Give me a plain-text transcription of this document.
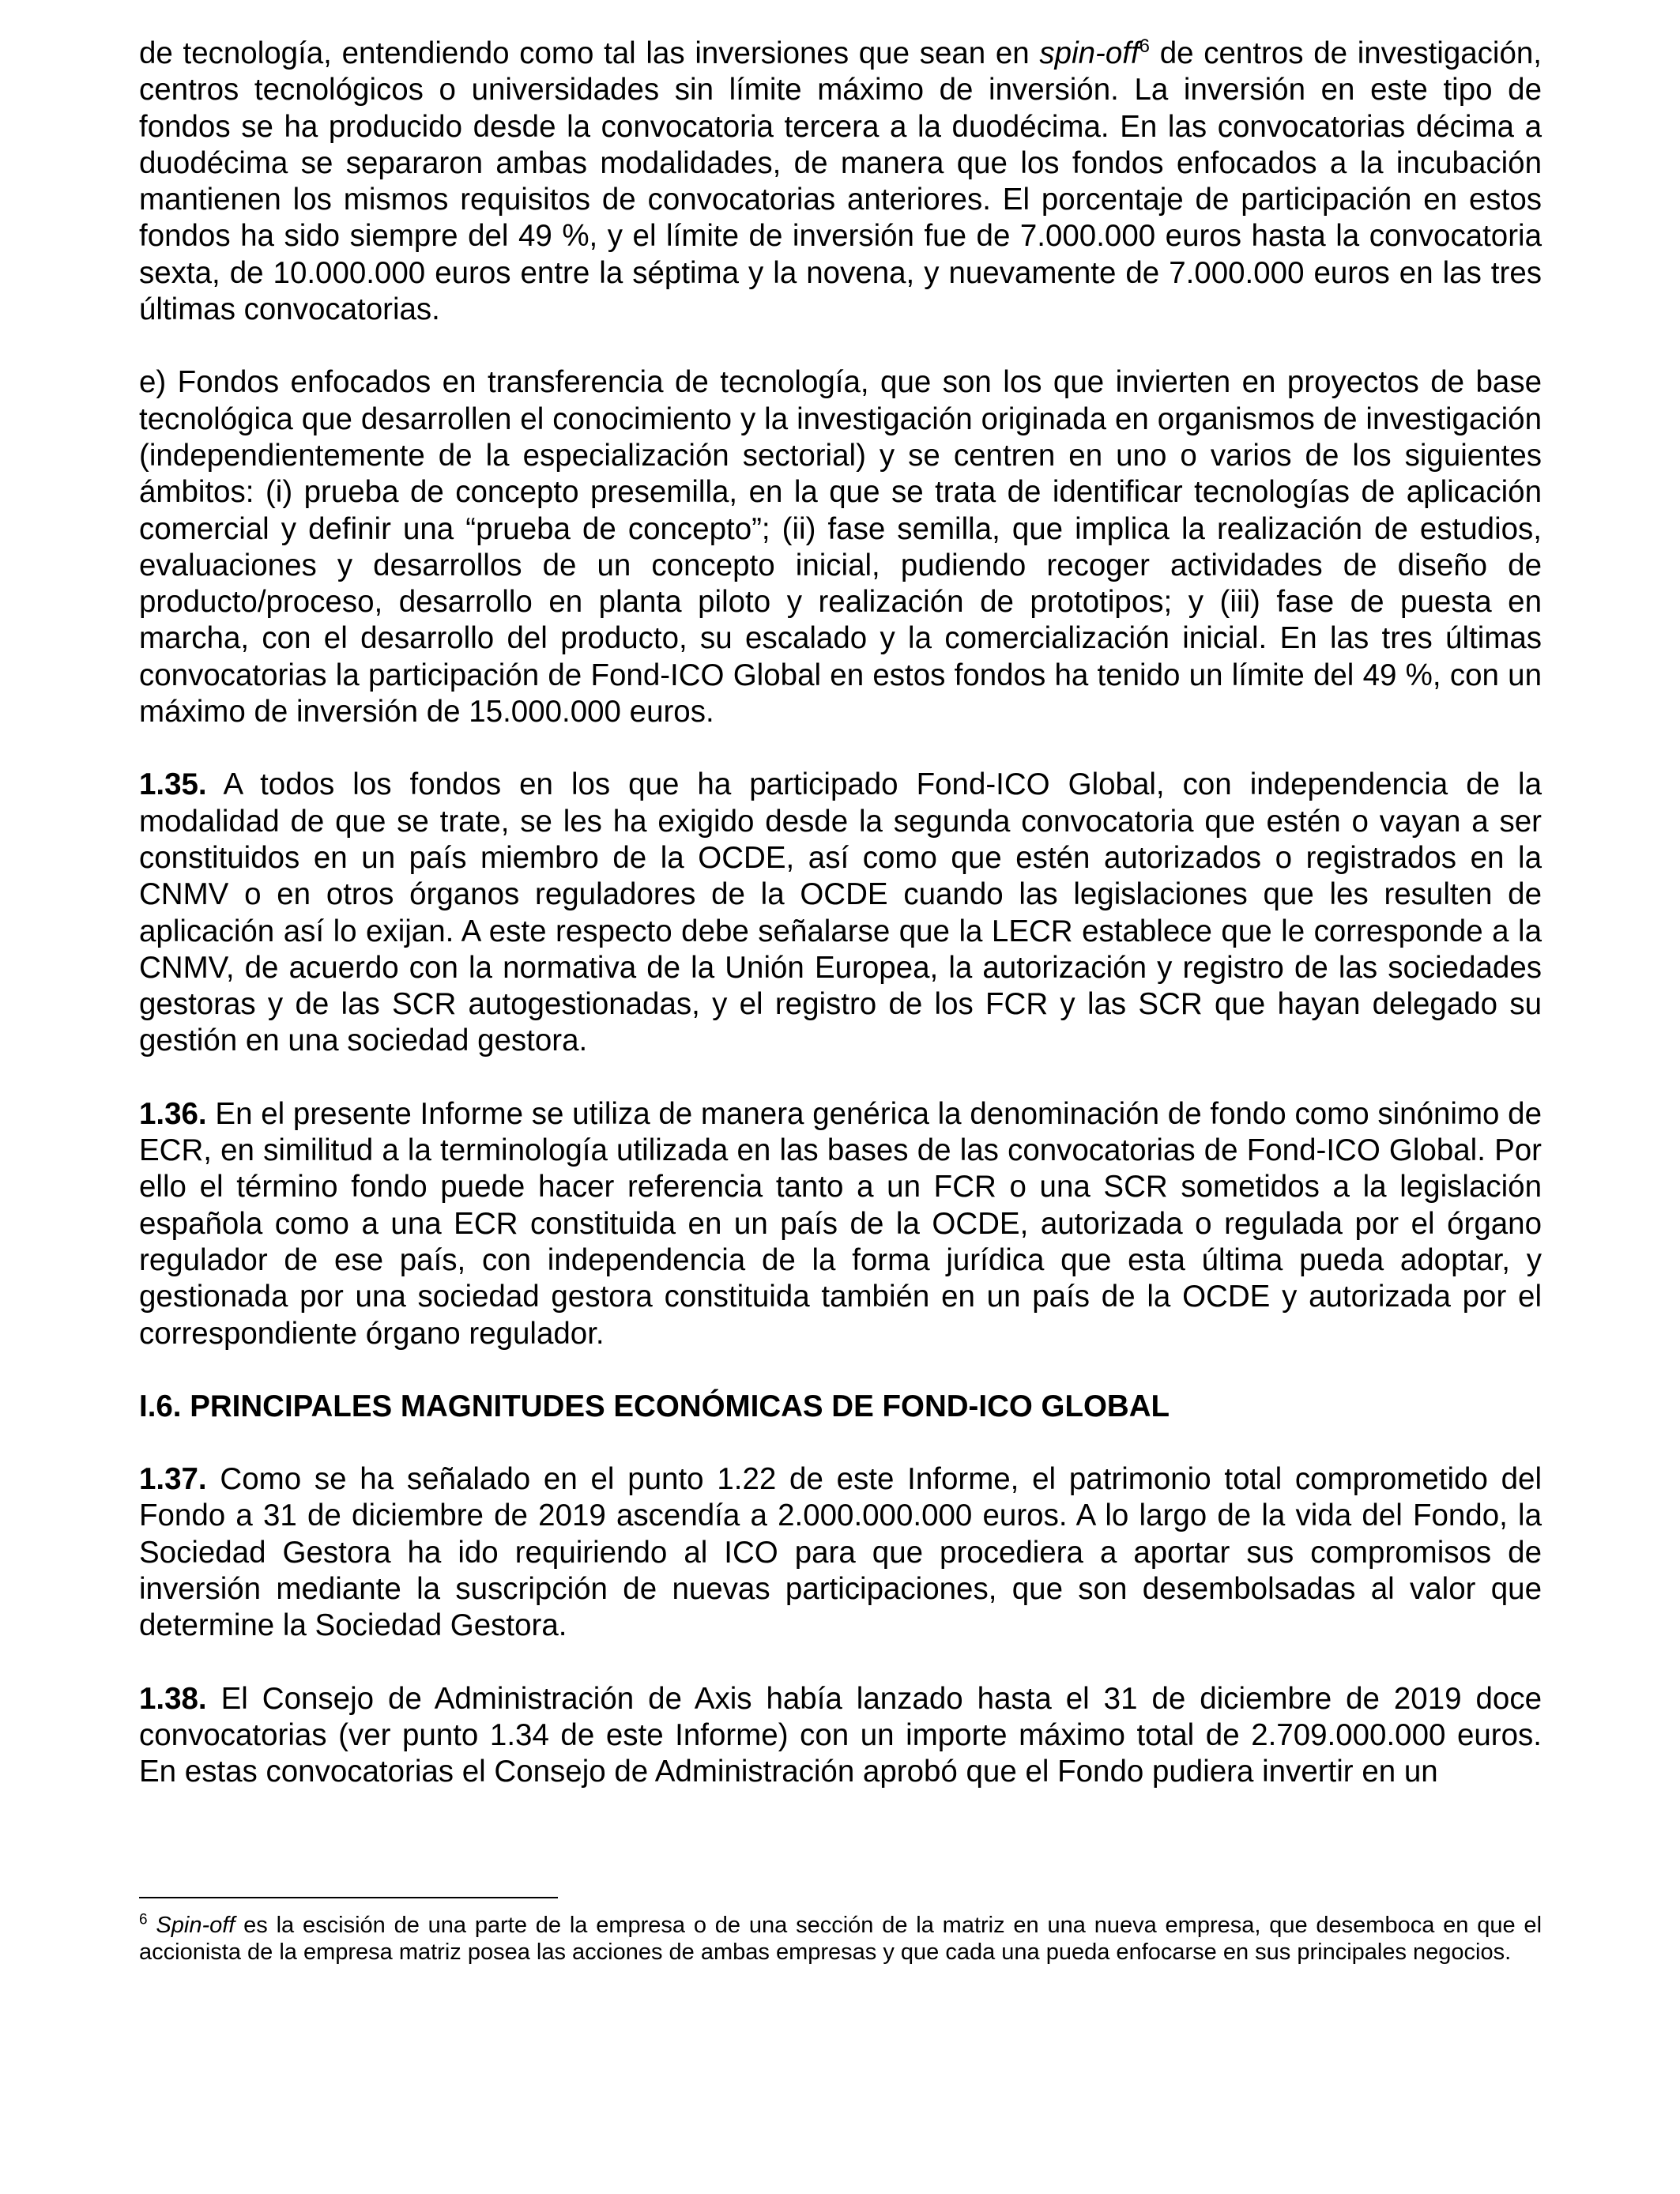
de tecnología, entendiendo como tal las inversiones que sean en spin-off$^6$ de centros de investigación, centros tecnológicos o universidades sin límite máximo de inversión. La inversión en este tipo de fondos se ha producido desde la convocatoria tercera a la duodécima. En las convocatorias décima a duodécima se separaron ambas modalidades, de manera que los fondos enfocados a la incubación mantienen los mismos requisitos de convocatorias anteriores. El porcentaje de participación en estos fondos ha sido siempre del 49 %, y el límite de inversión fue de 7.000.000 euros hasta la convocatoria sexta, de 10.000.000 euros entre la séptima y la novena, y nuevamente de 7.000.000 euros en las tres últimas convocatorias.

e) Fondos enfocados en transferencia de tecnología, que son los que invierten en proyectos de base tecnológica que desarrollen el conocimiento y la investigación originada en organismos de investigación (independientemente de la especialización sectorial) y se centren en uno o varios de los siguientes ámbitos: (i) prueba de concepto presemilla, en la que se trata de identificar tecnologías de aplicación comercial y definir una “prueba de concepto”; (ii) fase semilla, que implica la realización de estudios, evaluaciones y desarrollos de un concepto inicial, pudiendo recoger actividades de diseño de producto/proceso, desarrollo en planta piloto y realización de prototipos; y (iii) fase de puesta en marcha, con el desarrollo del producto, su escalado y la comercialización inicial. En las tres últimas convocatorias la participación de Fond-ICO Global en estos fondos ha tenido un límite del 49 %, con un máximo de inversión de 15.000.000 euros.

1.35. A todos los fondos en los que ha participado Fond-ICO Global, con independencia de la modalidad de que se trate, se les ha exigido desde la segunda convocatoria que estén o vayan a ser constituidos en un país miembro de la OCDE, así como que estén autorizados o registrados en la CNMV o en otros órganos reguladores de la OCDE cuando las legislaciones que les resulten de aplicación así lo exijan. A este respecto debe señalarse que la LECR establece que le corresponde a la CNMV, de acuerdo con la normativa de la Unión Europea, la autorización y registro de las sociedades gestoras y de las SCR autogestionadas, y el registro de los FCR y las SCR que hayan delegado su gestión en una sociedad gestora.

1.36. En el presente Informe se utiliza de manera genérica la denominación de fondo como sinónimo de ECR, en similitud a la terminología utilizada en las bases de las convocatorias de Fond-ICO Global. Por ello el término fondo puede hacer referencia tanto a un FCR o una SCR sometidos a la legislación española como a una ECR constituida en un país de la OCDE, autorizada o regulada por el órgano regulador de ese país, con independencia de la forma jurídica que esta última pueda adoptar, y gestionada por una sociedad gestora constituida también en un país de la OCDE y autorizada por el correspondiente órgano regulador.

I.6. PRINCIPALES MAGNITUDES ECONÓMICAS DE FOND-ICO GLOBAL

1.37. Como se ha señalado en el punto 1.22 de este Informe, el patrimonio total comprometido del Fondo a 31 de diciembre de 2019 ascendía a 2.000.000.000 euros. A lo largo de la vida del Fondo, la Sociedad Gestora ha ido requiriendo al ICO para que procediera a aportar sus compromisos de inversión mediante la suscripción de nuevas participaciones, que son desembolsadas al valor que determine la Sociedad Gestora.

1.38. El Consejo de Administración de Axis había lanzado hasta el 31 de diciembre de 2019 doce convocatorias (ver punto 1.34 de este Informe) con un importe máximo total de 2.709.000.000 euros. En estas convocatorias el Consejo de Administración aprobó que el Fondo pudiera invertir en un

$^6$ Spin-off es la escisión de una parte de la empresa o de una sección de la matriz en una nueva empresa, que desemboca en que el accionista de la empresa matriz posea las acciones de ambas empresas y que cada una pueda enfocarse en sus principales negocios.
